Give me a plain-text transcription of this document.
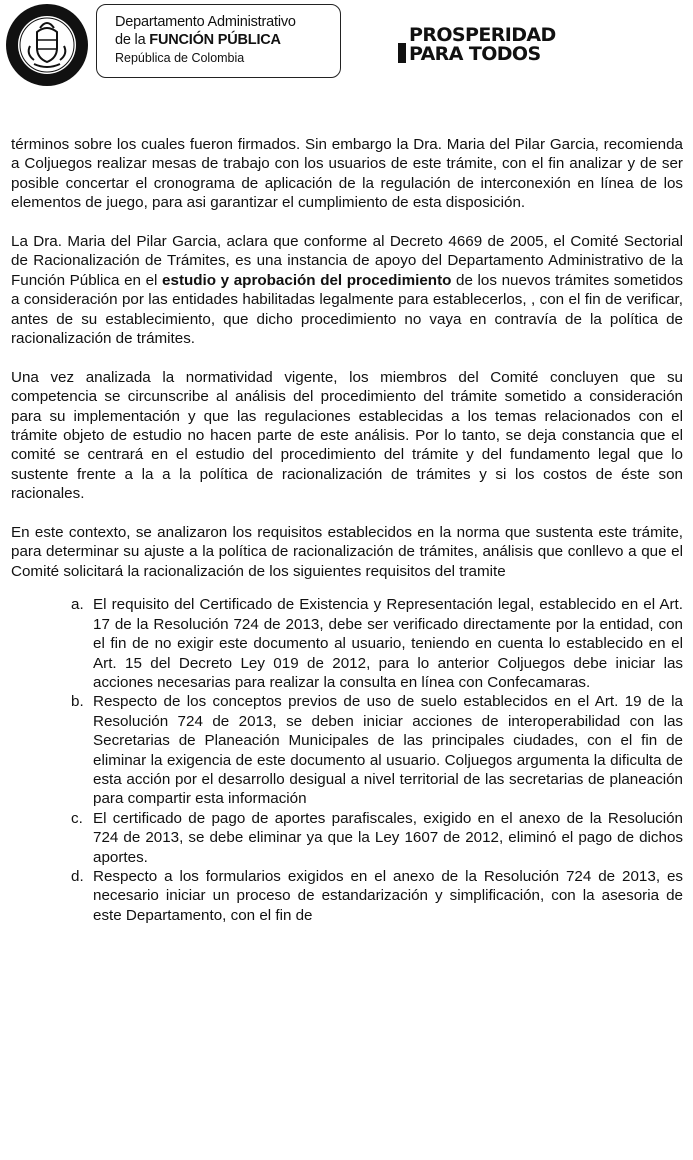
Departamento Administrativo
de la FUNCIÓN PÚBLICA
República de Colombia
PROSPERIDAD
PARA TODOS

términos sobre los cuales fueron firmados. Sin embargo la Dra. Maria del Pilar Garcia, recomienda a Coljuegos realizar mesas de trabajo con los usuarios de este trámite, con el fin analizar y de ser posible concertar el cronograma de aplicación de la regulación de interconexión en línea de los elementos de juego, para asi garantizar el cumplimiento de esta disposición.

La Dra. Maria del Pilar Garcia, aclara que conforme al Decreto 4669 de 2005, el Comité Sectorial de Racionalización de Trámites, es una instancia de apoyo del Departamento Administrativo de la Función Pública en el estudio y aprobación del procedimiento de los nuevos trámites sometidos a consideración por las entidades habilitadas legalmente para establecerlos, , con el fin de verificar, antes de su establecimiento, que dicho procedimiento no vaya en contravía de la política de racionalización de trámites.

Una vez analizada la normatividad vigente, los miembros del Comité concluyen que su competencia se circunscribe al análisis del procedimiento del trámite sometido a consideración para su implementación y que las regulaciones establecidas a los temas relacionados con el trámite objeto de estudio no hacen parte de este análisis. Por lo tanto, se deja constancia que el comité se centrará en el estudio del procedimiento del trámite y del fundamento legal que lo sustente frente a la a la política de racionalización de trámites y si los costos de éste son racionales.

En este contexto, se analizaron los requisitos establecidos en la norma que sustenta este trámite, para determinar su ajuste a la política de racionalización de trámites, análisis que conllevo a que el Comité solicitará la racionalización de los siguientes requisitos del tramite

a. El requisito del Certificado de Existencia y Representación legal, establecido en el Art. 17 de la Resolución 724 de 2013, debe ser verificado directamente por la entidad, con el fin de no exigir este documento al usuario, teniendo en cuenta lo establecido en el Art. 15 del Decreto Ley 019 de 2012, para lo anterior Coljuegos debe iniciar las acciones necesarias para realizar la consulta en línea con Confecamaras.
b. Respecto de los conceptos previos de uso de suelo establecidos en el Art. 19 de la Resolución 724 de 2013, se deben iniciar acciones de interoperabilidad con las Secretarias de Planeación Municipales de las principales ciudades, con el fin de eliminar la exigencia de este documento al usuario. Coljuegos argumenta la dificulta de esta acción por el desarrollo desigual a nivel territorial de las secretarias de planeación para compartir esta información
c. El certificado de pago de aportes parafiscales, exigido en el anexo de la Resolución 724 de 2013, se debe eliminar ya que la Ley 1607 de 2012, eliminó el pago de dichos aportes.
d. Respecto a los formularios exigidos en el anexo de la Resolución 724 de 2013, es necesario iniciar un proceso de estandarización y simplificación, con la asesoria de este Departamento, con el fin de
